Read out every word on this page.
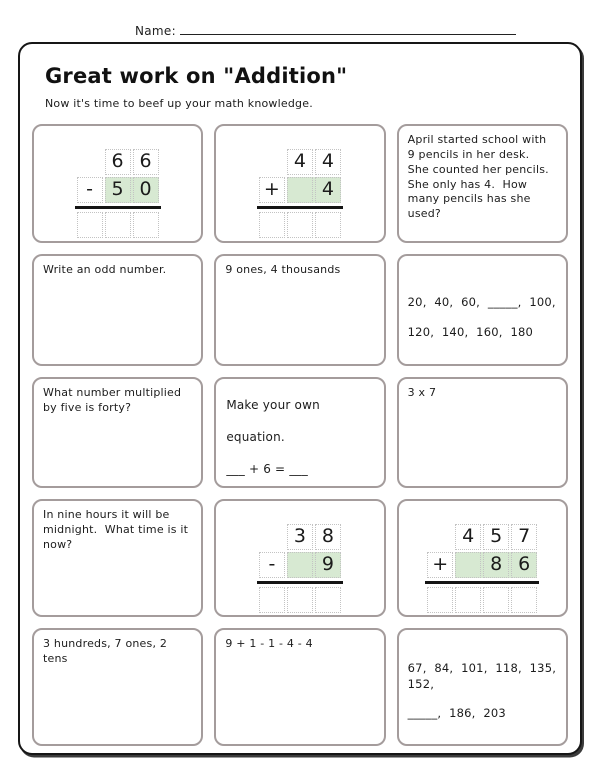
Name:
Great work on "Addition"
Now it's time to beef up your math knowledge.
6 6
- 5 0
4 4
+	4
April started school with 9 pencils in her desk.  She counted her pencils.  She only has 4.  How many pencils has she used?
Write an odd number.	9 ones, 4 thousands
20, 40, 60, _____, 100,
120, 140, 160, 180
What number multiplied by five is forty?	Make your own
equation.
___ + 6 = ___
3 x 7
In nine hours it will be midnight.  What time is it now?	3 8
-	9
4 5 7
+	8 6
3 hundreds, 7 ones, 2 tens
9 + 1 - 1 - 4 - 4
67, 84, 101, 118, 135, 152,
_____, 186, 203
